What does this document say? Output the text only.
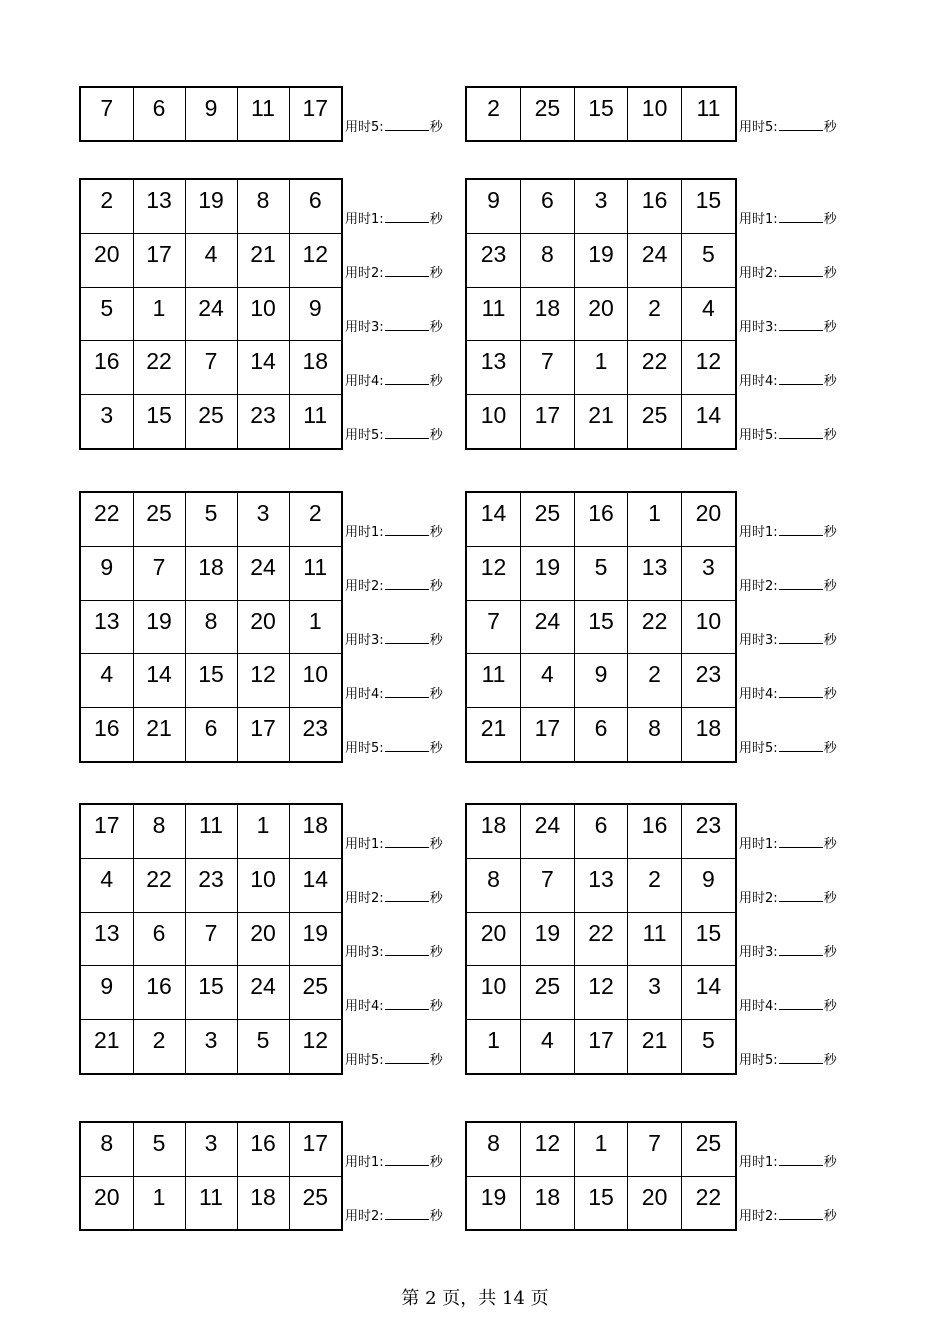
7	6	9	11	17
用时5:	秒
2	25	15	10	11
用时5:	秒
2	13	19	8	6
20	17	4	21	12
5	1	24	10	9
16	22	7	14	18
3	15	25	23	11
用时1:	秒
用时2:	秒
用时3:	秒
用时4:	秒
用时5:	秒
9	6	3	16	15
23	8	19	24	5
11	18	20	2	4
13	7	1	22	12
10	17	21	25	14
用时1:	秒
用时2:	秒
用时3:	秒
用时4:	秒
用时5:	秒
22	25	5	3	2
9	7	18	24	11
13	19	8	20	1
4	14	15	12	10
16	21	6	17	23
用时1:	秒
用时2:	秒
用时3:	秒
用时4:	秒
用时5:	秒
14	25	16	1	20
12	19	5	13	3
7	24	15	22	10
11	4	9	2	23
21	17	6	8	18
用时1:	秒
用时2:	秒
用时3:	秒
用时4:	秒
用时5:	秒
17	8	11	1	18
4	22	23	10	14
13	6	7	20	19
9	16	15	24	25
21	2	3	5	12
用时1:	秒
用时2:	秒
用时3:	秒
用时4:	秒
用时5:	秒
18	24	6	16	23
8	7	13	2	9
20	19	22	11	15
10	25	12	3	14
1	4	17	21	5
用时1:	秒
用时2:	秒
用时3:	秒
用时4:	秒
用时5:	秒
8	5	3	16	17
20	1	11	18	25
用时1:	秒
用时2:	秒
8	12	1	7	25
19	18	15	20	22
用时1:	秒
用时2:	秒
第 2 页，共 14 页
